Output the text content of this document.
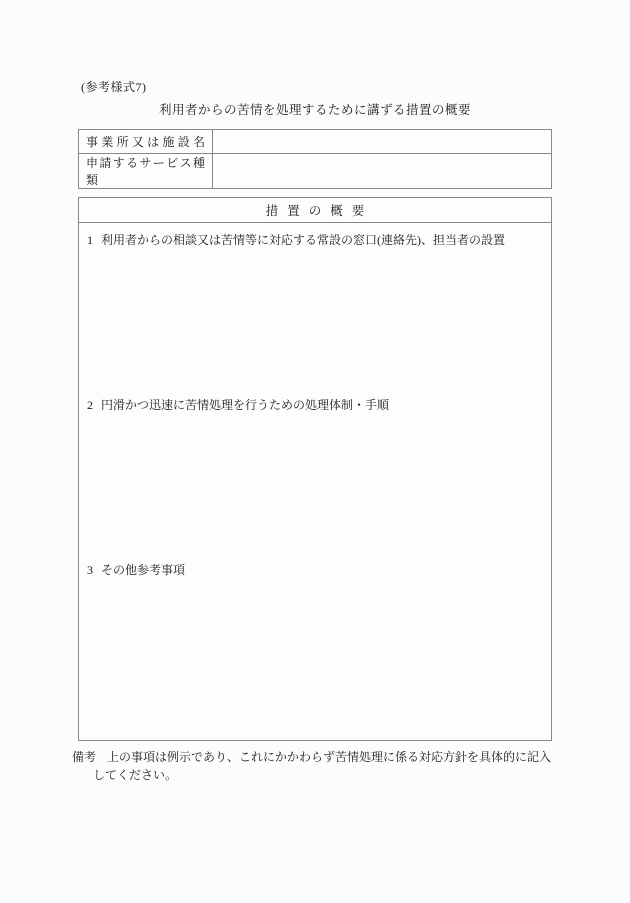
(参考様式7)
利用者からの苦情を処理するために講ずる措置の概要
事業所又は施設名	

申請するサービス種類	

措置の概要
1 利用者からの相談又は苦情等に対応する常設の窓口(連絡先)、担当者の設置
2 円滑かつ迅速に苦情処理を行うための処理体制・手順
3 その他参考事項
備考 上の事項は例示であり、これにかかわらず苦情処理に係る対応方針を具体的に記入
してください。
